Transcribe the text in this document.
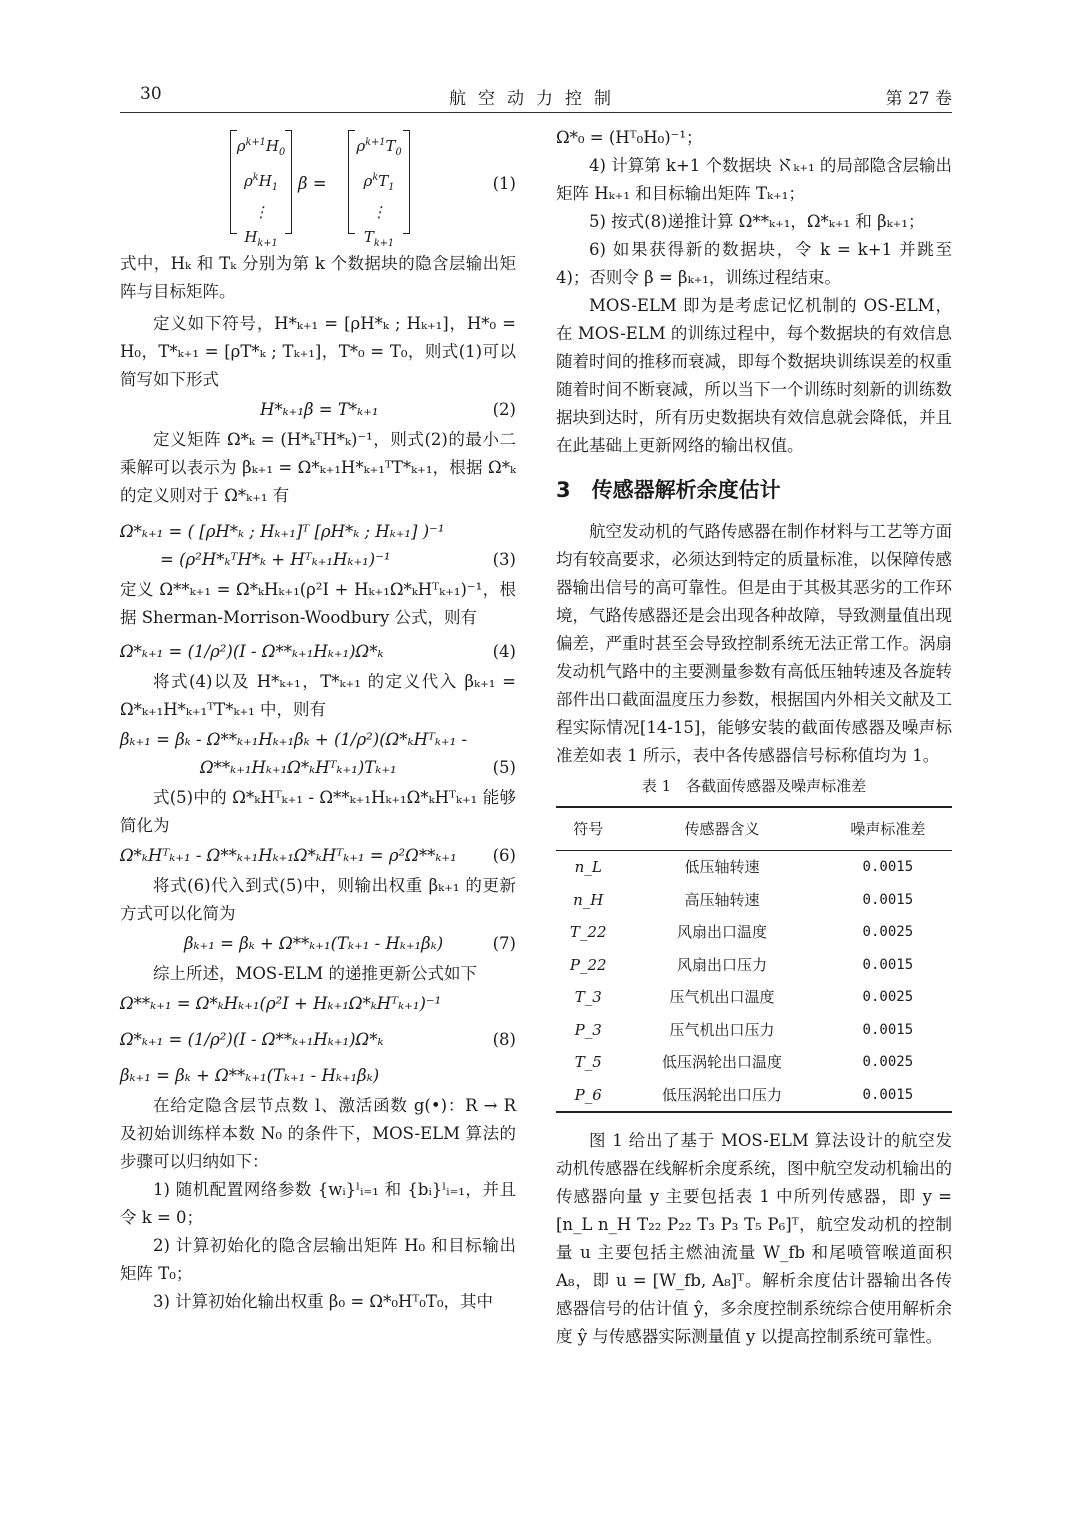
30	航空动力控制	第 27 卷
$\rho^{k+1}H_0$
$\rho^kH_1$
⋮
$H_{k+1}$
β =
$\rho^{k+1}T_0$
$\rho^kT_1$
⋮
$T_{k+1}$
(1)

式中，Hₖ 和 Tₖ 分别为第 k 个数据块的隐含层输出矩阵与目标矩阵。

定义如下符号，H*ₖ₊₁ = [ρH*ₖ ; Hₖ₊₁]，H*₀ = H₀，T*ₖ₊₁ = [ρT*ₖ ; Tₖ₊₁]，T*₀ = T₀，则式(1)可以简写如下形式

H*ₖ₊₁β = T*ₖ₊₁	(2)

定义矩阵 Ω*ₖ = (H*ₖᵀH*ₖ)⁻¹，则式(2)的最小二乘解可以表示为 βₖ₊₁ = Ω*ₖ₊₁H*ₖ₊₁ᵀT*ₖ₊₁，根据 Ω*ₖ 的定义则对于 Ω*ₖ₊₁ 有

Ω*ₖ₊₁ = ( [ρH*ₖ ; Hₖ₊₁]ᵀ [ρH*ₖ ; Hₖ₊₁] )⁻¹
= (ρ²H*ₖᵀH*ₖ + Hᵀₖ₊₁Hₖ₊₁)⁻¹	(3)

定义 Ω**ₖ₊₁ = Ω*ₖHₖ₊₁(ρ²I + Hₖ₊₁Ω*ₖHᵀₖ₊₁)⁻¹，根据 Sherman-Morrison-Woodbury 公式，则有

Ω*ₖ₊₁ = (1/ρ²)(I - Ω**ₖ₊₁Hₖ₊₁)Ω*ₖ	(4)

将式(4)以及 H*ₖ₊₁，T*ₖ₊₁ 的定义代入 βₖ₊₁ = Ω*ₖ₊₁H*ₖ₊₁ᵀT*ₖ₊₁ 中，则有

βₖ₊₁ = βₖ - Ω**ₖ₊₁Hₖ₊₁βₖ + (1/ρ²)(Ω*ₖHᵀₖ₊₁ -
Ω**ₖ₊₁Hₖ₊₁Ω*ₖHᵀₖ₊₁)Tₖ₊₁	(5)

式(5)中的 Ω*ₖHᵀₖ₊₁ - Ω**ₖ₊₁Hₖ₊₁Ω*ₖHᵀₖ₊₁ 能够简化为

Ω*ₖHᵀₖ₊₁ - Ω**ₖ₊₁Hₖ₊₁Ω*ₖHᵀₖ₊₁ = ρ²Ω**ₖ₊₁ (6)

将式(6)代入到式(5)中，则输出权重 βₖ₊₁ 的更新方式可以化简为

βₖ₊₁ = βₖ + Ω**ₖ₊₁(Tₖ₊₁ - Hₖ₊₁βₖ)	(7)

综上所述，MOS-ELM 的递推更新公式如下

Ω**ₖ₊₁ = Ω*ₖHₖ₊₁(ρ²I + Hₖ₊₁Ω*ₖHᵀₖ₊₁)⁻¹
Ω*ₖ₊₁ = (1/ρ²)(I - Ω**ₖ₊₁Hₖ₊₁)Ω*ₖ	(8)
βₖ₊₁ = βₖ + Ω**ₖ₊₁(Tₖ₊₁ - Hₖ₊₁βₖ)

在给定隐含层节点数 l、激活函数 g(•)：R → R 及初始训练样本数 N₀ 的条件下，MOS-ELM 算法的步骤可以归纳如下：

1) 随机配置网络参数 {wᵢ}ˡᵢ₌₁ 和 {bᵢ}ˡᵢ₌₁，并且令 k = 0；

2) 计算初始化的隐含层输出矩阵 H₀ 和目标输出矩阵 T₀；

3) 计算初始化输出权重 β₀ = Ω*₀Hᵀ₀T₀，其中

Ω*₀ = (Hᵀ₀H₀)⁻¹；

4) 计算第 k+1 个数据块 ℵₖ₊₁ 的局部隐含层输出矩阵 Hₖ₊₁ 和目标输出矩阵 Tₖ₊₁；

5) 按式(8)递推计算 Ω**ₖ₊₁，Ω*ₖ₊₁ 和 βₖ₊₁；

6) 如果获得新的数据块，令 k = k+1 并跳至 4)；否则令 β = βₖ₊₁，训练过程结束。

MOS-ELM 即为是考虑记忆机制的 OS-ELM，在 MOS-ELM 的训练过程中，每个数据块的有效信息随着时间的推移而衰减，即每个数据块训练误差的权重随着时间不断衰减，所以当下一个训练时刻新的训练数据块到达时，所有历史数据块有效信息就会降低，并且在此基础上更新网络的输出权值。

3　传感器解析余度估计

航空发动机的气路传感器在制作材料与工艺等方面均有较高要求，必须达到特定的质量标准，以保障传感器输出信号的高可靠性。但是由于其极其恶劣的工作环境，气路传感器还是会出现各种故障，导致测量值出现偏差，严重时甚至会导致控制系统无法正常工作。涡扇发动机气路中的主要测量参数有高低压轴转速及各旋转部件出口截面温度压力参数，根据国内外相关文献及工程实际情况[14-15]，能够安装的截面传感器及噪声标准差如表 1 所示，表中各传感器信号标称值均为 1。

表 1　各截面传感器及噪声标准差
符号	传感器含义	噪声标准差
n_L	低压轴转速	0.0015
n_H	高压轴转速	0.0015
T_22	风扇出口温度	0.0025
P_22	风扇出口压力	0.0015
T_3	压气机出口温度	0.0025
P_3	压气机出口压力	0.0015
T_5	低压涡轮出口温度	0.0025
P_6	低压涡轮出口压力	0.0015

图 1 给出了基于 MOS-ELM 算法设计的航空发动机传感器在线解析余度系统，图中航空发动机输出的传感器向量 y 主要包括表 1 中所列传感器，即 y = [n_L n_H T₂₂ P₂₂ T₃ P₃ T₅ P₆]ᵀ，航空发动机的控制量 u 主要包括主燃油流量 W_fb 和尾喷管喉道面积 A₈，即 u = [W_fb, A₈]ᵀ。解析余度估计器输出各传感器信号的估计值 ŷ，多余度控制系统综合使用解析余度 ŷ 与传感器实际测量值 y 以提高控制系统可靠性。
